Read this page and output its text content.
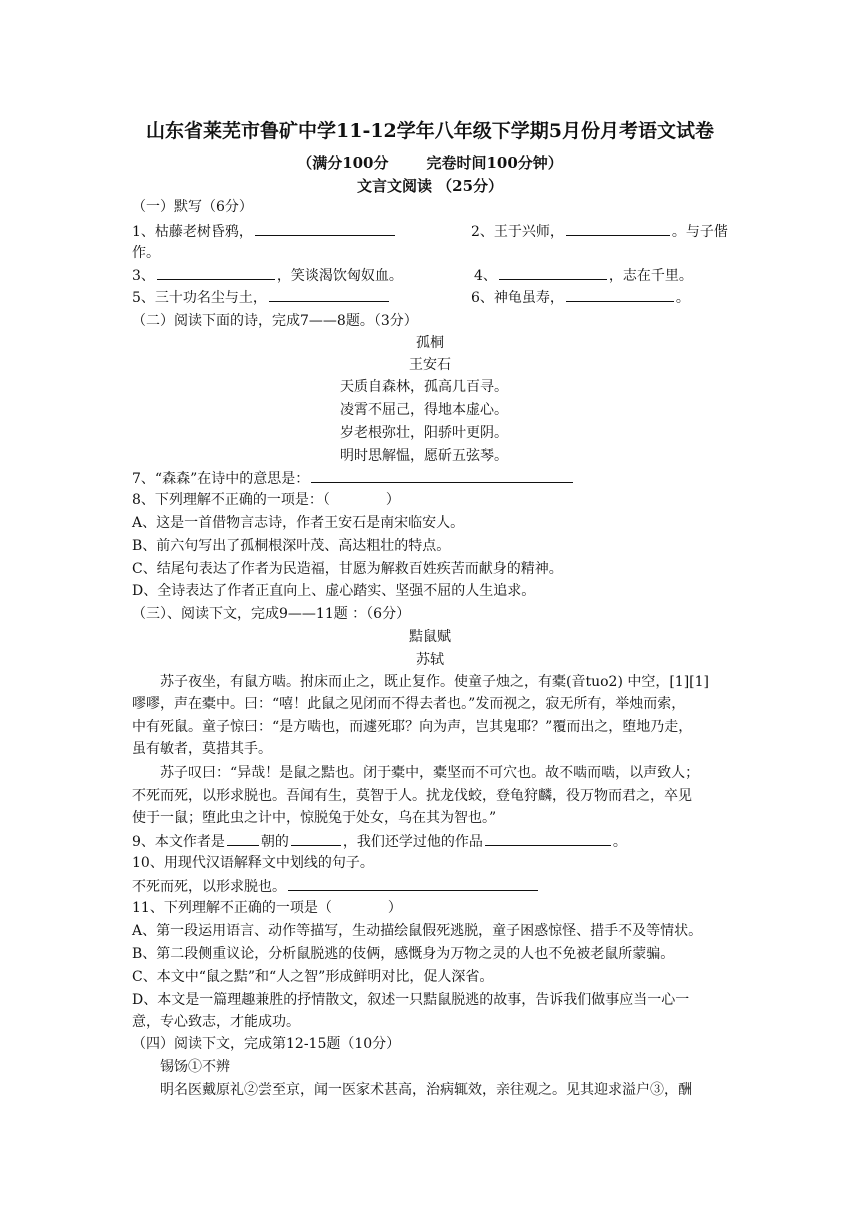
山东省莱芜市鲁矿中学11-12学年八年级下学期5月份月考语文试卷
（满分100分	完卷时间100分钟）
文言文阅读 （25分）
（一）默写（6分）
1、枯藤老树昏鸦，	2、王于兴师，	。与子偕
作。
3、	，笑谈渴饮匈奴血。	4、	，志在千里。
5、三十功名尘与土，	6、神龟虽寿，	。
（二）阅读下面的诗，完成7——8题。（3分）
孤桐
王安石
天质自森林，孤高几百寻。
凌霄不屈己，得地本虚心。
岁老根弥壮，阳骄叶更阴。
明时思解愠，愿斫五弦琴。
7、“森森”在诗中的意思是：
8、下列理解不正确的一项是：（　　　　）
A、这是一首借物言志诗，作者王安石是南宋临安人。
B、前六句写出了孤桐根深叶茂、高达粗壮的特点。
C、结尾句表达了作者为民造福，甘愿为解救百姓疾苦而献身的精神。
D、全诗表达了作者正直向上、虚心踏实、坚强不屈的人生追求。
（三）、阅读下文，完成9——11题 ：（6分）
黠鼠赋
苏轼
苏子夜坐，有鼠方啮。拊床而止之，既止复作。使童子烛之，有橐(音tuo2) 中空，[1][1]
嘐嘐，声在橐中。曰：“嘻！此鼠之见闭而不得去者也。”发而视之，寂无所有，举烛而索，
中有死鼠。童子惊曰：“是方啮也，而遽死耶？向为声，岂其鬼耶？”覆而出之，堕地乃走，
虽有敏者，莫措其手。
苏子叹曰：“异哉！是鼠之黠也。闭于橐中，橐坚而不可穴也。故不啮而啮，以声致人；
不死而死，以形求脱也。吾闻有生，莫智于人。扰龙伐蛟，登龟狩麟，役万物而君之，卒见
使于一鼠；堕此虫之计中，惊脱兔于处女，乌在其为智也。”
9、本文作者是	朝的	，我们还学过他的作品	。
10、用现代汉语解释文中划线的句子。
不死而死，以形求脱也。
11、下列理解不正确的一项是（　　　　）
A、第一段运用语言、动作等描写，生动描绘鼠假死逃脱，童子困惑惊怪、措手不及等情状。
B、第二段侧重议论，分析鼠脱逃的伎俩，感慨身为万物之灵的人也不免被老鼠所蒙骗。
C、本文中“鼠之黠”和“人之智”形成鲜明对比，促人深省。
D、本文是一篇理趣兼胜的抒情散文，叙述一只黠鼠脱逃的故事，告诉我们做事应当一心一
意，专心致志，才能成功。
（四）阅读下文，完成第12-15题（10分）
锡饧①不辨
明名医戴原礼②尝至京，闻一医家术甚高，治病辄效，亲往观之。见其迎求溢户③，酬
